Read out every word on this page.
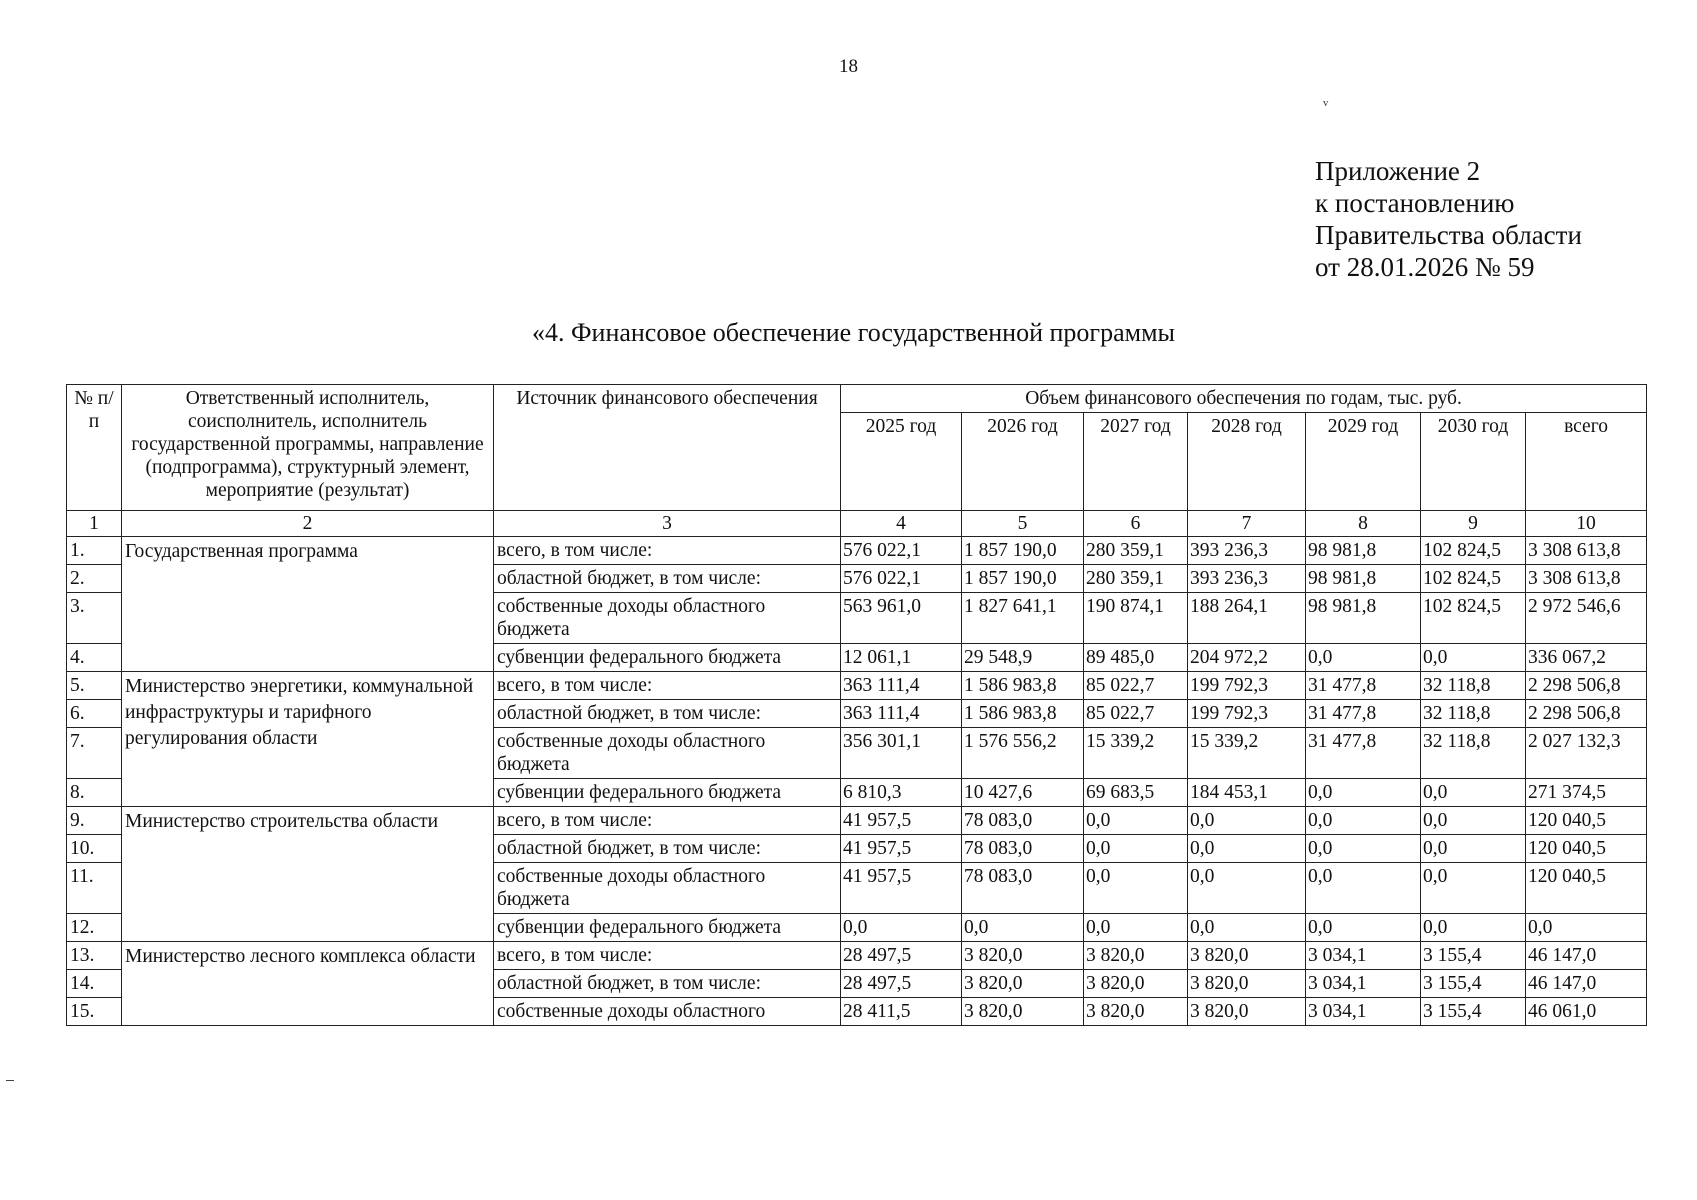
18
ᵛ
Приложение 2
к постановлению
Правительства области
от 28.01.2026 № 59
«4. Финансовое обеспечение государственной программы
№ п/п	Ответственный исполнитель, соисполнитель, исполнитель государственной программы, направление (подпрограмма), структурный элемент, мероприятие (результат)	Источник финансового обеспечения	Объем финансового обеспечения по годам, тыс. руб.						
			2025 год	2026 год	2027 год	2028 год	2029 год	2030 год	всего
1	2	3	4	5	6	7	8	9	10
1.	Государственная программа	всего, в том числе:	576 022,1	1 857 190,0	280 359,1	393 236,3	98 981,8	102 824,5	3 308 613,8
2.		областной бюджет, в том числе:	576 022,1	1 857 190,0	280 359,1	393 236,3	98 981,8	102 824,5	3 308 613,8
3.		собственные доходы областного бюджета	563 961,0	1 827 641,1	190 874,1	188 264,1	98 981,8	102 824,5	2 972 546,6
4.		субвенции федерального бюджета	12 061,1	29 548,9	89 485,0	204 972,2	0,0	0,0	336 067,2
5.	Министерство энергетики, коммунальной инфраструктуры и тарифного регулирования области	всего, в том числе:	363 111,4	1 586 983,8	85 022,7	199 792,3	31 477,8	32 118,8	2 298 506,8
6.		областной бюджет, в том числе:	363 111,4	1 586 983,8	85 022,7	199 792,3	31 477,8	32 118,8	2 298 506,8
7.		собственные доходы областного бюджета	356 301,1	1 576 556,2	15 339,2	15 339,2	31 477,8	32 118,8	2 027 132,3
8.		субвенции федерального бюджета	6 810,3	10 427,6	69 683,5	184 453,1	0,0	0,0	271 374,5
9.	Министерство строительства области	всего, в том числе:	41 957,5	78 083,0	0,0	0,0	0,0	0,0	120 040,5
10.		областной бюджет, в том числе:	41 957,5	78 083,0	0,0	0,0	0,0	0,0	120 040,5
11.		собственные доходы областного бюджета	41 957,5	78 083,0	0,0	0,0	0,0	0,0	120 040,5
12.		субвенции федерального бюджета	0,0	0,0	0,0	0,0	0,0	0,0	0,0
13.	Министерство лесного комплекса области	всего, в том числе:	28 497,5	3 820,0	3 820,0	3 820,0	3 034,1	3 155,4	46 147,0
14.		областной бюджет, в том числе:	28 497,5	3 820,0	3 820,0	3 820,0	3 034,1	3 155,4	46 147,0
15.		собственные доходы областного	28 411,5	3 820,0	3 820,0	3 820,0	3 034,1	3 155,4	46 061,0
